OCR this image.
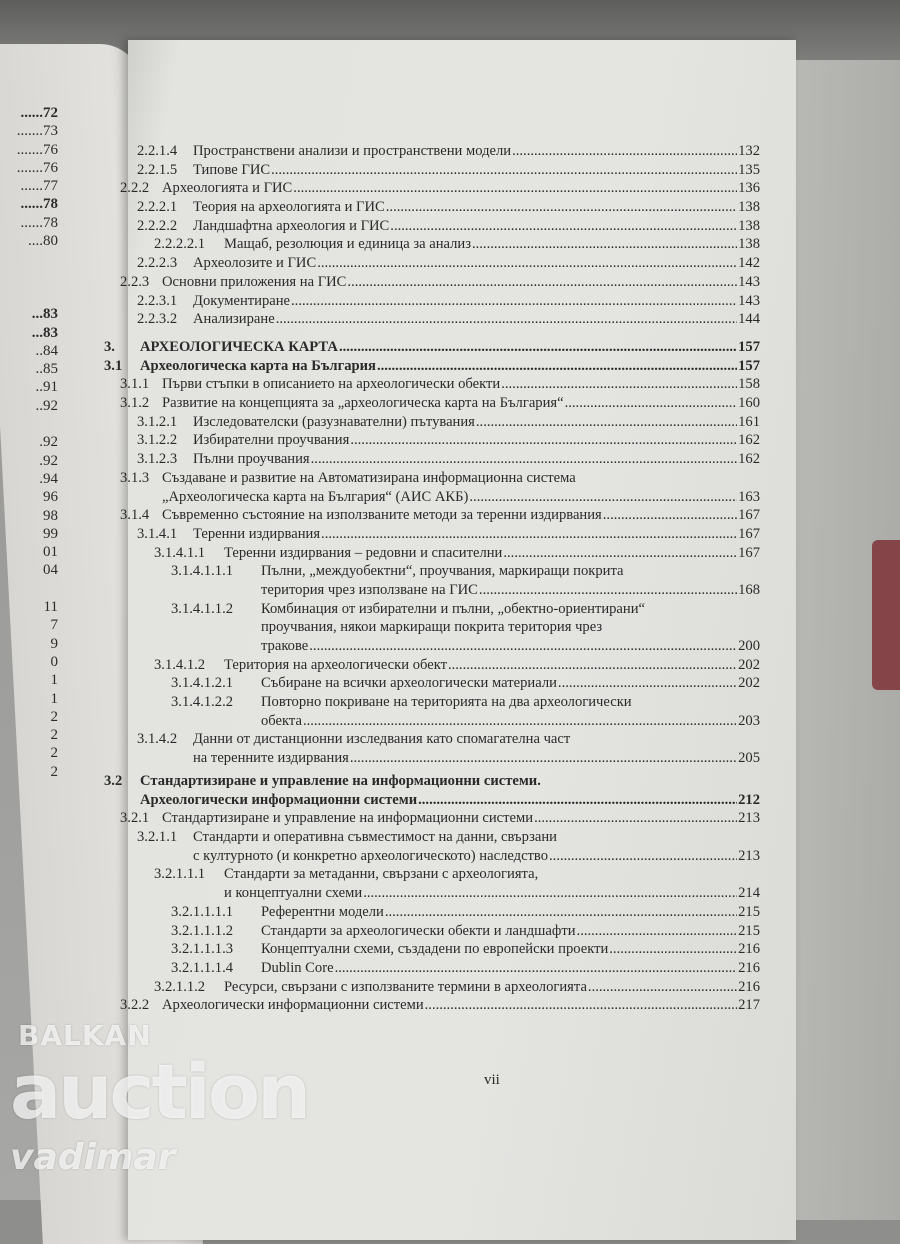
......72
.......73
.......76
.......76
......77
......78
......78
....80
...83
...83
..84
..85
..91
..92
.92
.92
.94
96
98
99
01
04
11
7
9
0
1
1
2
2
2
2
2.2.1.4	Пространствени анализи и пространствени модели .....	132
2.2.1.5	Типове ГИС .....	135
2.2.2 Археологията и ГИС .....	136
2.2.2.1	Теория на археологията и ГИС .....	138
2.2.2.2	Ландшафтна археология и ГИС .....	138
2.2.2.2.1	Мащаб, резолюция и единица за анализ .....	138
2.2.2.3	Археолозите и ГИС .....	142
2.2.3 Основни приложения на ГИС .....	143
2.2.3.1	Документиране .....	143
2.2.3.2	Анализиране .....	144
3.	АРХЕОЛОГИЧЕСКА КАРТА .....	157
3.1	Археологическа карта на България .....	157
3.1.1 Първи стъпки в описанието на археологически обекти .....	158
3.1.2 Развитие на концепцията за „археологическа карта на България“ .....	160
3.1.2.1	Изследователски (разузнавателни) пътувания .....	161
3.1.2.2	Избирателни проучвания .....	162
3.1.2.3	Пълни проучвания .....	162
3.1.3 Създаване и развитие на Автоматизирана информационна система
„Археологическа карта на България“ (АИС АКБ) .....	163
3.1.4 Съвременно състояние на използваните методи за теренни издирвания .....	167
3.1.4.1	Теренни издирвания .....	167
3.1.4.1.1	Теренни издирвания – редовни и спасителни .....	167
3.1.4.1.1.1	Пълни, „междуобектни“, проучвания, маркиращи покрита
територия чрез използване на ГИС .....	168
3.1.4.1.1.2	Комбинация от избирателни и пълни, „обектно-ориентирани“
проучвания, някои маркиращи покрита територия чрез
тракове .....	200
3.1.4.1.2	Територия на археологически обект .....	202
3.1.4.1.2.1	Събиране на всички археологически материали .....	202
3.1.4.1.2.2	Повторно покриване на територията на два археологически
обекта .....	203
3.1.4.2	Данни от дистанционни изследвания като спомагателна част
на теренните издирвания .....	205
3.2	Стандартизиране и управление на информационни системи.
Археологически информационни системи .....	212
3.2.1 Стандартизиране и управление на информационни системи .....	213
3.2.1.1	Стандарти и оперативна съвместимост на данни, свързани
с културното (и конкретно археологическото) наследство .....	213
3.2.1.1.1	Стандарти за метаданни, свързани с археологията,
и концептуални схеми .....	214
3.2.1.1.1.1	Референтни модели .....	215
3.2.1.1.1.2	Стандарти за археологически обекти и ландшафти .....	215
3.2.1.1.1.3	Концептуални схеми, създадени по европейски проекти .....	216
3.2.1.1.1.4	Dublin Core .....	216
3.2.1.1.2	Ресурси, свързани с използваните термини в археологията .....	216
3.2.2 Археологически информационни системи .....	217
vii
BALKAN
auction
vadimar
